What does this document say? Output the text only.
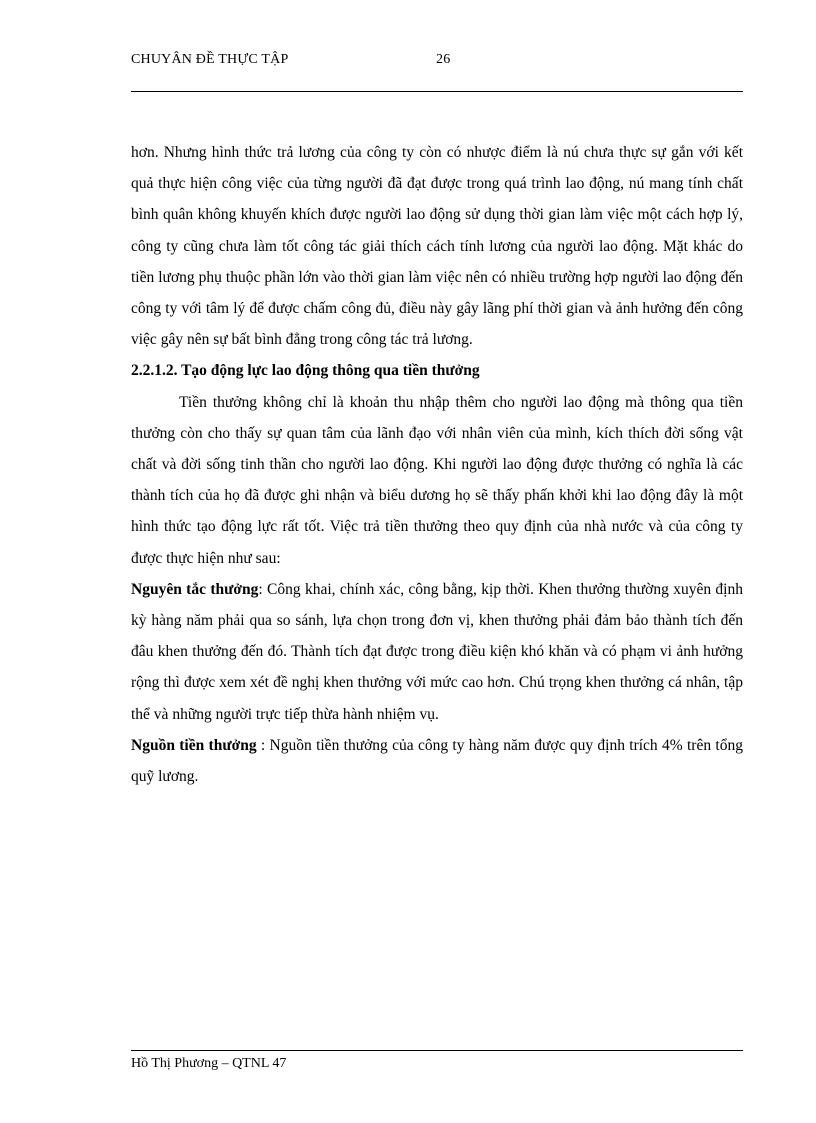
CHUYÂN ĐỀ THỰC TẬP	26

hơn. Nhưng hình thức trả lương của công ty còn có nhược điểm là nú chưa thực sự gắn với kết quả thực hiện công việc của từng người đã đạt được trong quá trình lao động, nú mang tính chất bình quân không khuyến khích được người lao động sử dụng thời gian làm việc một cách hợp lý, công ty cũng chưa làm tốt công tác giải thích cách tính lương của người lao động. Mặt khác do tiền lương phụ thuộc phần lớn vào thời gian làm việc nên có nhiều trường hợp người lao động đến công ty với tâm lý để được chấm công đủ, điều này gây lãng phí thời gian và ảnh hưởng đến công việc gây nên sự bất bình đẳng trong công tác trả lương.

2.2.1.2. Tạo động lực lao động thông qua tiền thưởng

Tiền thưởng không chỉ là khoản thu nhập thêm cho người lao động mà thông qua tiền thưởng còn cho thấy sự quan tâm của lãnh đạo với nhân viên của mình, kích thích đời sống vật chất và đời sống tinh thần cho người lao động. Khi người lao động được thưởng có nghĩa là các thành tích của họ đã được ghi nhận và biểu dương họ sẽ thấy phấn khởi khi lao động đây là một hình thức tạo động lực rất tốt. Việc trả tiền thưởng theo quy định của nhà nước và của công ty được thực hiện như sau:

Nguyên tắc thưởng: Công khai, chính xác, công bằng, kịp thời. Khen thưởng thường xuyên định kỳ hàng năm phải qua so sánh, lựa chọn trong đơn vị, khen thưởng phải đảm bảo thành tích đến đâu khen thưởng đến đó. Thành tích đạt được trong điều kiện khó khăn và có phạm vi ảnh hưởng rộng thì được xem xét đề nghị khen thưởng với mức cao hơn. Chú trọng khen thưởng cá nhân, tập thể và những người trực tiếp thừa hành nhiệm vụ.

Nguồn tiền thưởng : Nguồn tiền thưởng của công ty hàng năm được quy định trích 4% trên tổng quỹ lương.

Hồ Thị Phương – QTNL 47
